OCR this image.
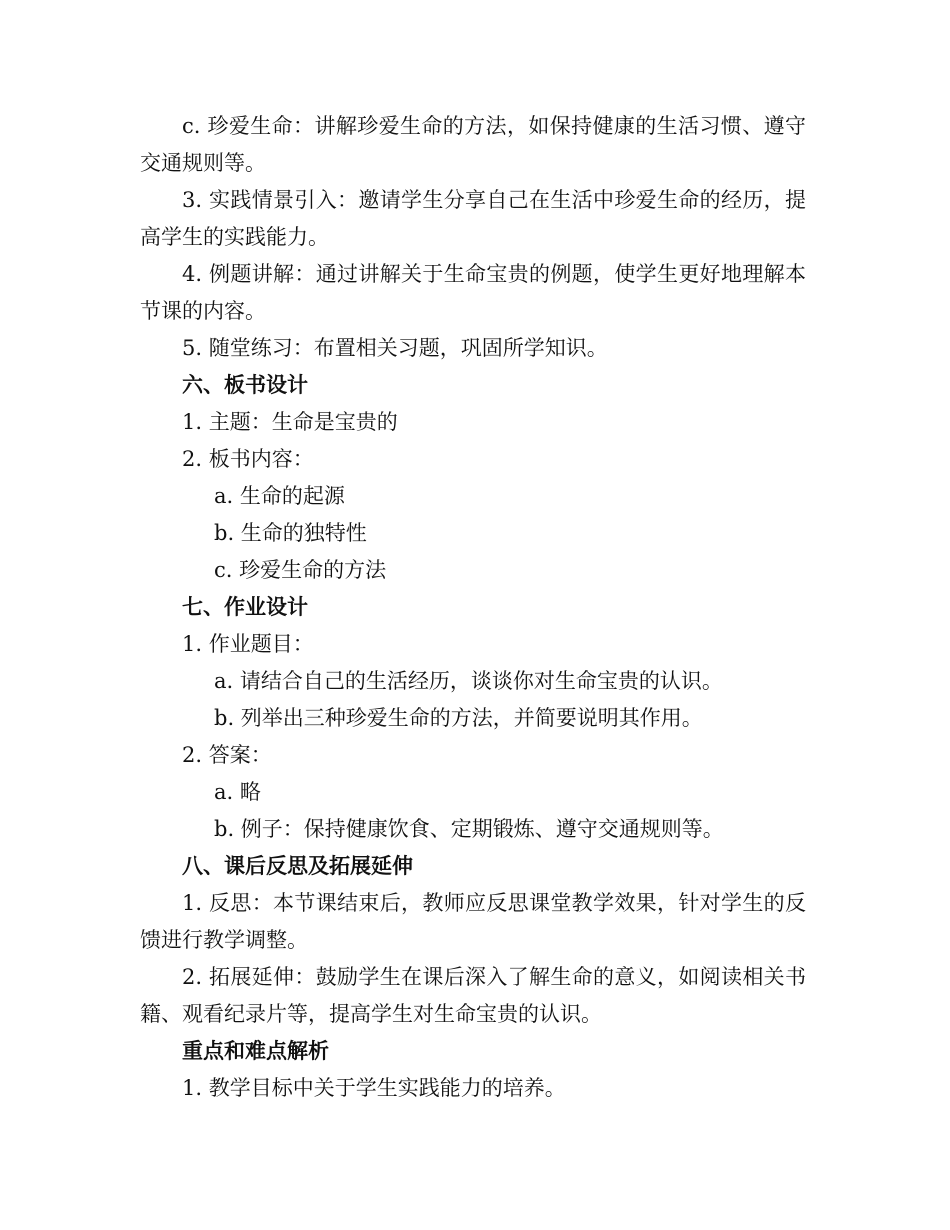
c. 珍爱生命：讲解珍爱生命的方法，如保持健康的生活习惯、遵守交通规则等。

3. 实践情景引入：邀请学生分享自己在生活中珍爱生命的经历，提高学生的实践能力。

4. 例题讲解：通过讲解关于生命宝贵的例题，使学生更好地理解本节课的内容。

5. 随堂练习：布置相关习题，巩固所学知识。

六、板书设计

1. 主题：生命是宝贵的

2. 板书内容：

a. 生命的起源

b. 生命的独特性

c. 珍爱生命的方法

七、作业设计

1. 作业题目：

a. 请结合自己的生活经历，谈谈你对生命宝贵的认识。

b. 列举出三种珍爱生命的方法，并简要说明其作用。

2. 答案：

a. 略

b. 例子：保持健康饮食、定期锻炼、遵守交通规则等。

八、课后反思及拓展延伸

1. 反思：本节课结束后，教师应反思课堂教学效果，针对学生的反馈进行教学调整。

2. 拓展延伸：鼓励学生在课后深入了解生命的意义，如阅读相关书籍、观看纪录片等，提高学生对生命宝贵的认识。

重点和难点解析

1. 教学目标中关于学生实践能力的培养。
